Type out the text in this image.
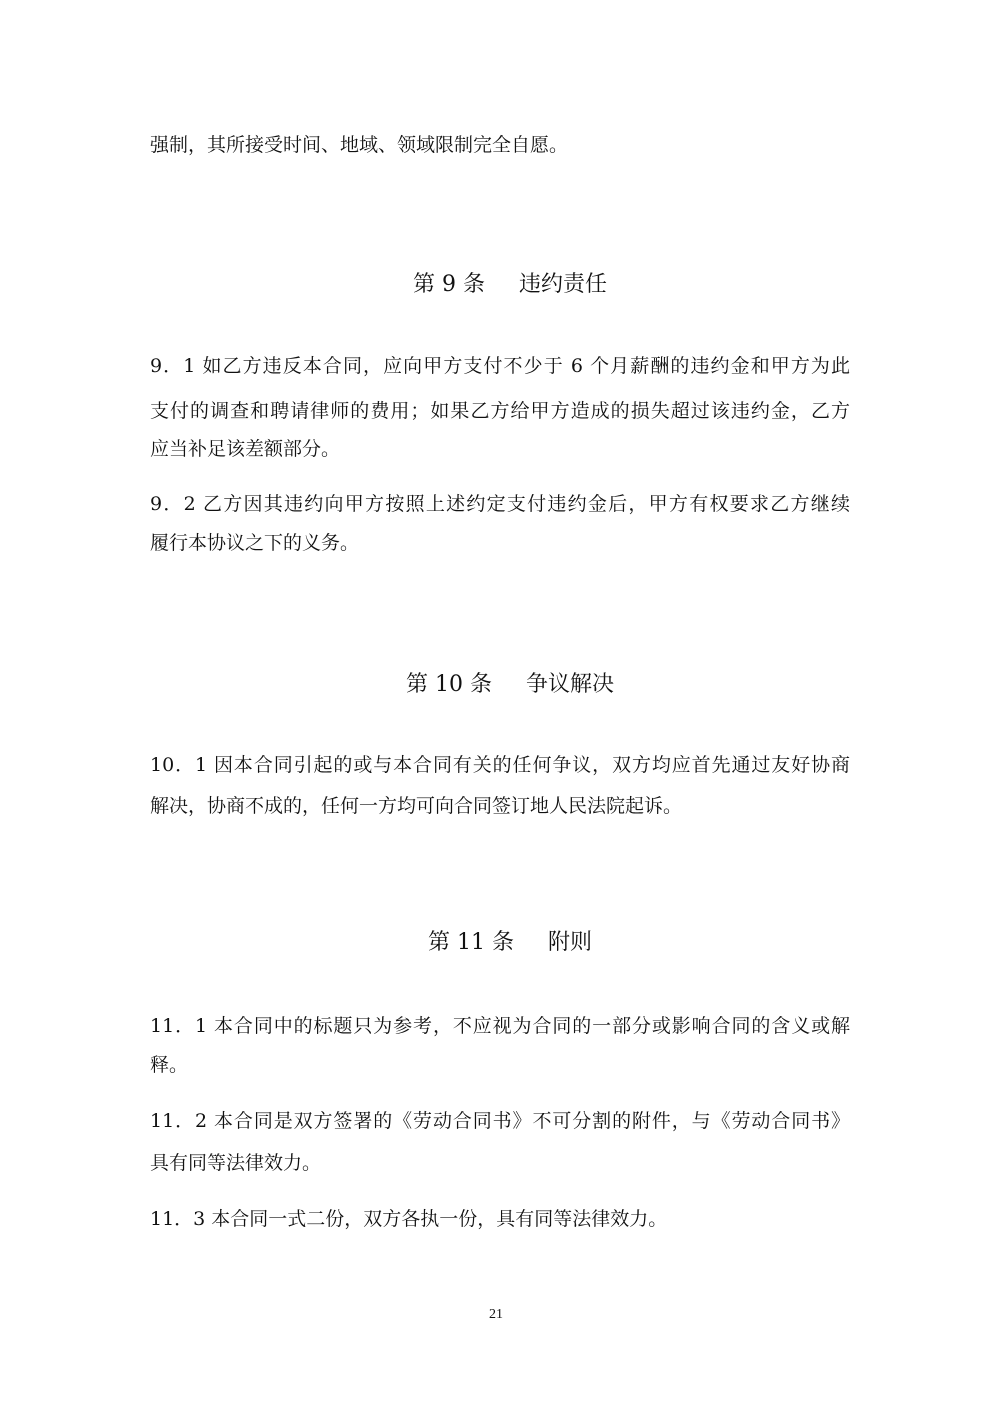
强制，其所接受时间、地域、领域限制完全自愿。

第 9 条 违约责任

9．1 如乙方违反本合同，应向甲方支付不少于 6 个月薪酬的违约金和甲方为此
支付的调查和聘请律师的费用；如果乙方给甲方造成的损失超过该违约金，乙方
应当补足该差额部分。
9．2 乙方因其违约向甲方按照上述约定支付违约金后，甲方有权要求乙方继续
履行本协议之下的义务。

第 10 条 争议解决

10．1 因本合同引起的或与本合同有关的任何争议，双方均应首先通过友好协商
解决，协商不成的，任何一方均可向合同签订地人民法院起诉。

第 11 条 附则

11．1 本合同中的标题只为参考，不应视为合同的一部分或影响合同的含义或解
释。
11．2 本合同是双方签署的《劳动合同书》不可分割的附件，与《劳动合同书》
具有同等法律效力。
11．3 本合同一式二份，双方各执一份，具有同等法律效力。
21
